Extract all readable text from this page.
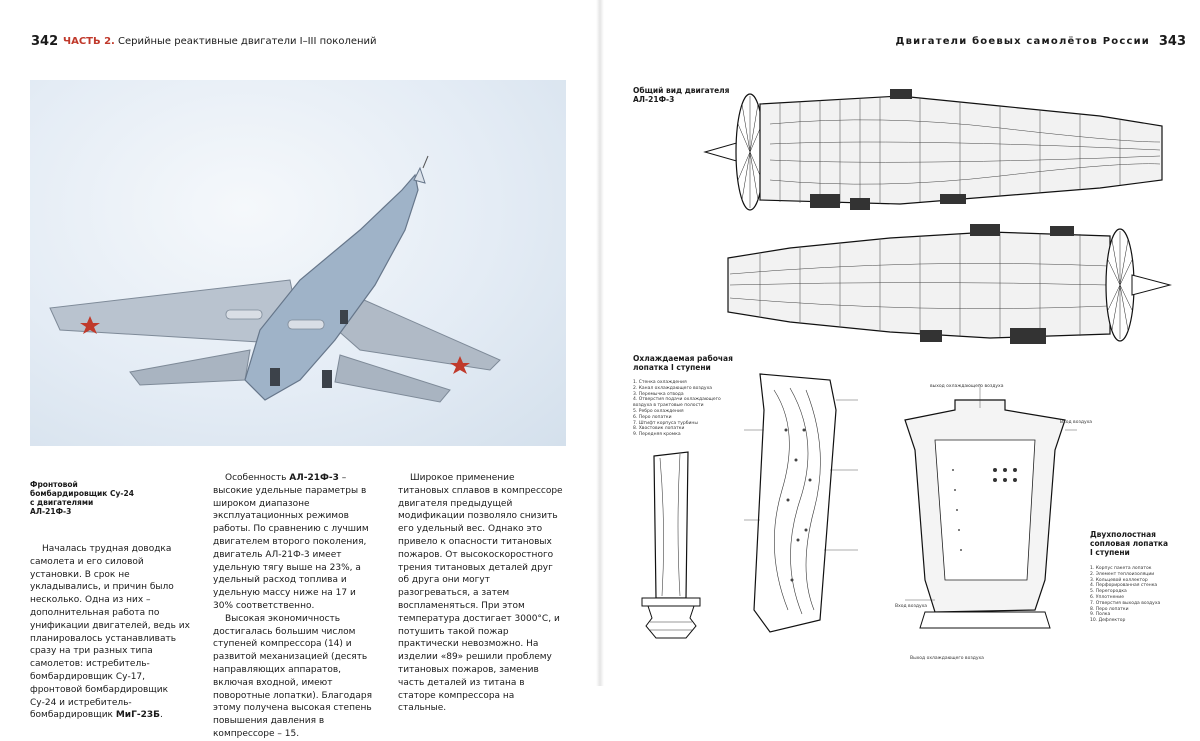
342 ЧАСТЬ 2. Серийные реактивные двигатели I–III поколений	Двигатели боевых самолётов России 343
Фронтовой
бомбардировщик Су-24
с двигателями
АЛ-21Ф-3
Общий вид двигателя
АЛ-21Ф-3
Охлаждаемая рабочая
лопатка I ступени
Двухполостная
сопловая лопатка
I ступени

Началась трудная доводка самолета и его силовой установки. В срок не укладывались, и причин было несколько. Одна из них – дополнительная работа по унификации двигателей, ведь их планировалось устанавливать сразу на три разных типа самолетов: истребитель-бомбардировщик Су-17, фронтовой бомбардировщик Су-24 и истребитель-бомбардировщик МиГ-23Б.

Особенность АЛ-21Ф-3 – высокие удельные параметры в широком диапазоне эксплуатационных режимов работы. По сравнению с лучшим двигателем второго поколения, двигатель АЛ-21Ф-3 имеет удельную тягу выше на 23%, а удельный расход топлива и удельную массу ниже на 17 и 30% соответственно.

Высокая экономичность достигалась большим числом ступеней компрессора (14) и развитой механизацией (десять направляющих аппаратов, включая входной, имеют поворотные лопатки). Благодаря этому получена высокая степень повышения давления в компрессоре – 15.

Широкое применение титановых сплавов в компрессоре двигателя предыдущей модификации позволяло снизить его удельный вес. Однако это привело к опасности титановых пожаров. От высокоскоростного трения титановых деталей друг об друга они могут разогреваться, а затем воспламеняться. При этом температура достигает 3000°С, и потушить такой пожар практически невозможно. На изделии «89» решили проблему титановых пожаров, заменив часть деталей из титана в статоре компрессора на стальные.

1. Стенка охлаждения
2. Канал охлаждающего воздуха
3. Перемычка отвода
4. Отверстия подачи охлаждающего
воздуха в трактовые полости
5. Ребро охлаждения
6. Перо лопатки
7. Штифт корпуса турбины
8. Хвостовик лопатки
9. Передняя кромка
выход охлаждающего воздуха
Вход воздуха
Вход воздуха
Выход охлаждающего воздуха
1. Корпус пакета лопаток
2. Элемент теплоизоляции
3. Кольцевой коллектор
4. Перфорированная стенка
5. Перегородка
6. Уплотнение
7. Отверстия выхода воздуха
8. Перо лопатки
9. Полка
10. Дефлектор
